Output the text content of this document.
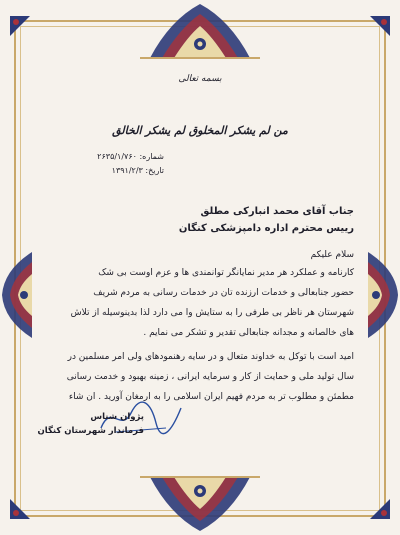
بسمه تعالی
من لم یشکر المخلوق لم یشکر الخالق
شماره: ۲۶۳۵/۱/۷۶۰
تاریخ: ۱۳۹۱/۲/۳
جناب آقای محمد انبارکی مطلق
رییس محترم اداره دامپزشکی کنگان
سلام علیکم
کارنامه و عملکرد هر مدیر نمایانگر توانمندی ها و عزم اوست بی شک
حضور جنابعالی و خدمات ارزنده تان در خدمات رسانی به مردم شریف
شهرستان هر ناظر بی طرفی را به ستایش وا می دارد لذا بدینوسیله از تلاش
های خالصانه و مجدانه جنابعالی تقدیر و تشکر می نمایم .
امید است با توکل به خداوند متعال و در سایه رهنمودهای ولی امر مسلمین در
سال تولید ملی و حمایت از کار و سرمایه ایرانی ، زمینه بهبود و خدمت رسانی
مطمئن و مطلوب تر به مردم فهیم ایران اسلامی را به ارمغان آورید . ان شاء
پژوان شناس
فرماندار شهرستان کنگان
